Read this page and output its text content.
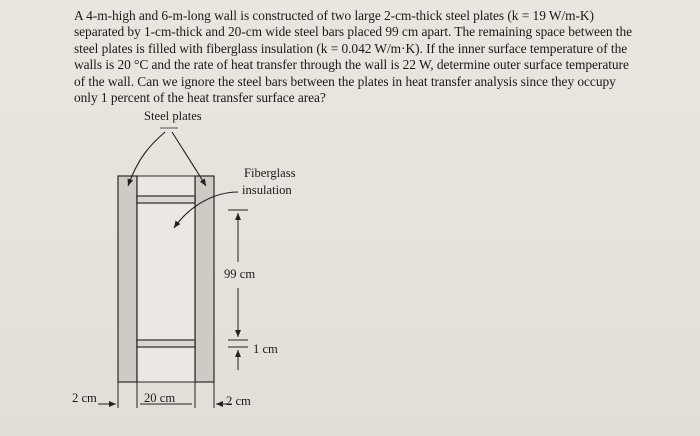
A 4-m-high and 6-m-long wall is constructed of two large 2-cm-thick steel plates (k = 19 W/m-K)

separated by 1-cm-thick and 20-cm wide steel bars placed 99 cm apart. The remaining space between the

steel plates is filled with fiberglass insulation (k = 0.042 W/m·K). If the inner surface temperature of the

walls is 20 °C and the rate of heat transfer through the wall is 22 W, determine outer surface temperature

of the wall. Can we ignore the steel bars between the plates in heat transfer analysis since they occupy

only 1 percent of the heat transfer surface area?

Steel plates
Fiberglass
insulation
99 cm
1 cm
2 cm	20 cm	2 cm
